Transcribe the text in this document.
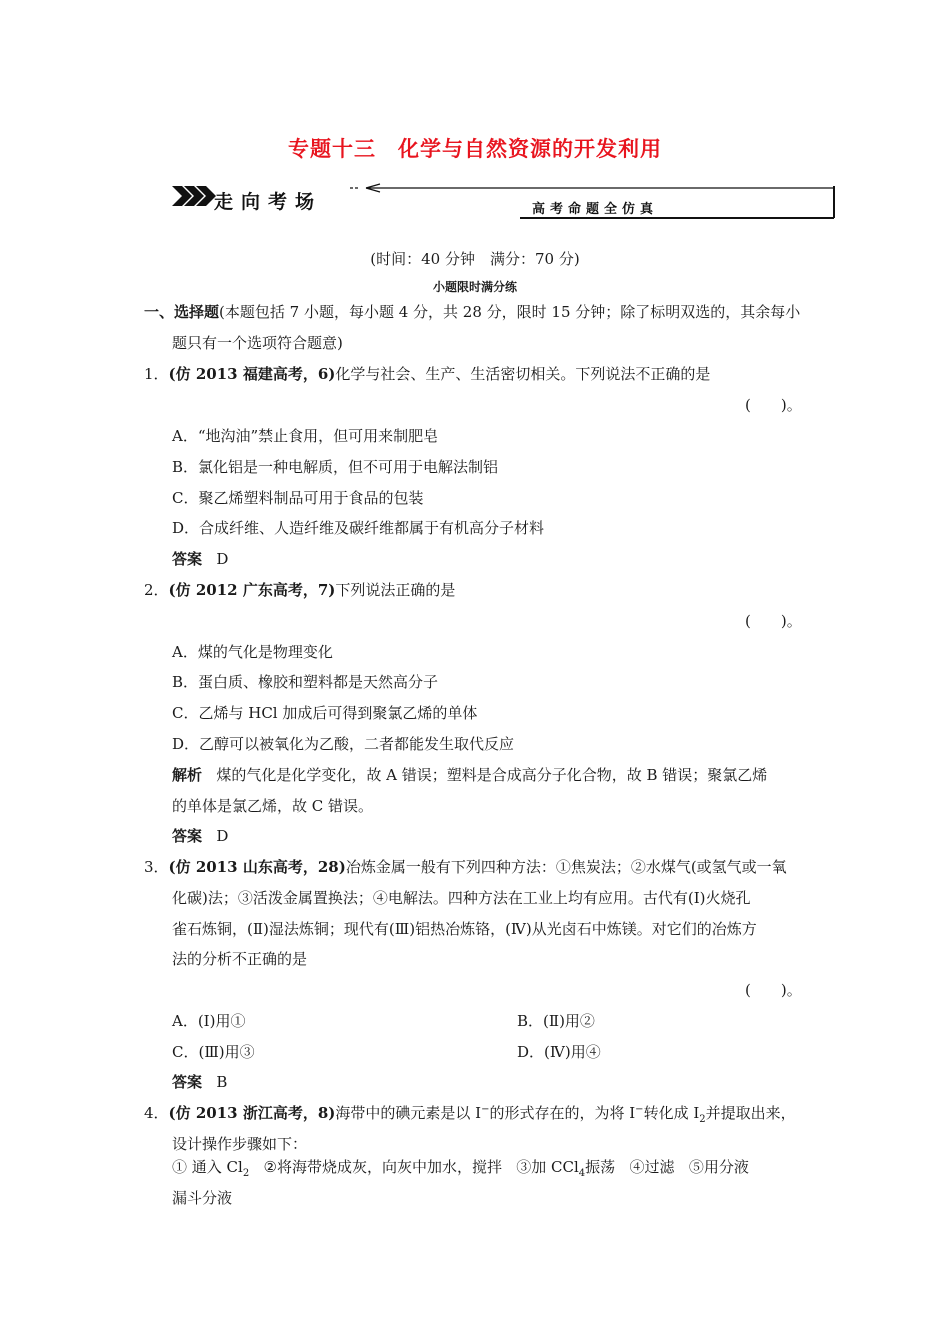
专题十三　化学与自然资源的开发利用
走向考场	高考命题全仿真
(时间：40 分钟　满分：70 分)
小题限时满分练
一、选择题(本题包括 7 小题，每小题 4 分，共 28 分，限时 15 分钟；除了标明双选的，其余每小
题只有一个选项符合题意)
1．(仿 2013 福建高考，6)化学与社会、生产、生活密切相关。下列说法不正确的是
(　　)。
A．“地沟油”禁止食用，但可用来制肥皂
B．氯化铝是一种电解质，但不可用于电解法制铝
C．聚乙烯塑料制品可用于食品的包装
D．合成纤维、人造纤维及碳纤维都属于有机高分子材料
答案 D
2．(仿 2012 广东高考，7)下列说法正确的是
(　　)。
A．煤的气化是物理变化
B．蛋白质、橡胶和塑料都是天然高分子
C．乙烯与 HCl 加成后可得到聚氯乙烯的单体
D．乙醇可以被氧化为乙酸，二者都能发生取代反应
解析 煤的气化是化学变化，故 A 错误；塑料是合成高分子化合物，故 B 错误；聚氯乙烯
的单体是氯乙烯，故 C 错误。
答案 D
3．(仿 2013 山东高考，28)冶炼金属一般有下列四种方法：①焦炭法；②水煤气(或氢气或一氧
化碳)法；③活泼金属置换法；④电解法。四种方法在工业上均有应用。古代有(Ⅰ)火烧孔
雀石炼铜，(Ⅱ)湿法炼铜；现代有(Ⅲ)铝热冶炼铬，(Ⅳ)从光卤石中炼镁。对它们的冶炼方
法的分析不正确的是
(　　)。
A．(Ⅰ)用①	B．(Ⅱ)用②
C．(Ⅲ)用③	D．(Ⅳ)用④
答案 B
4．(仿 2013 浙江高考，8)海带中的碘元素是以 I−的形式存在的，为将 I−转化成 $I_2$并提取出来，
设计操作步骤如下：
① 通入 $Cl_2$ ②将海带烧成灰，向灰中加水，搅拌 ③加 CCl$_4$振荡 ④过滤 ⑤用分液
漏斗分液
